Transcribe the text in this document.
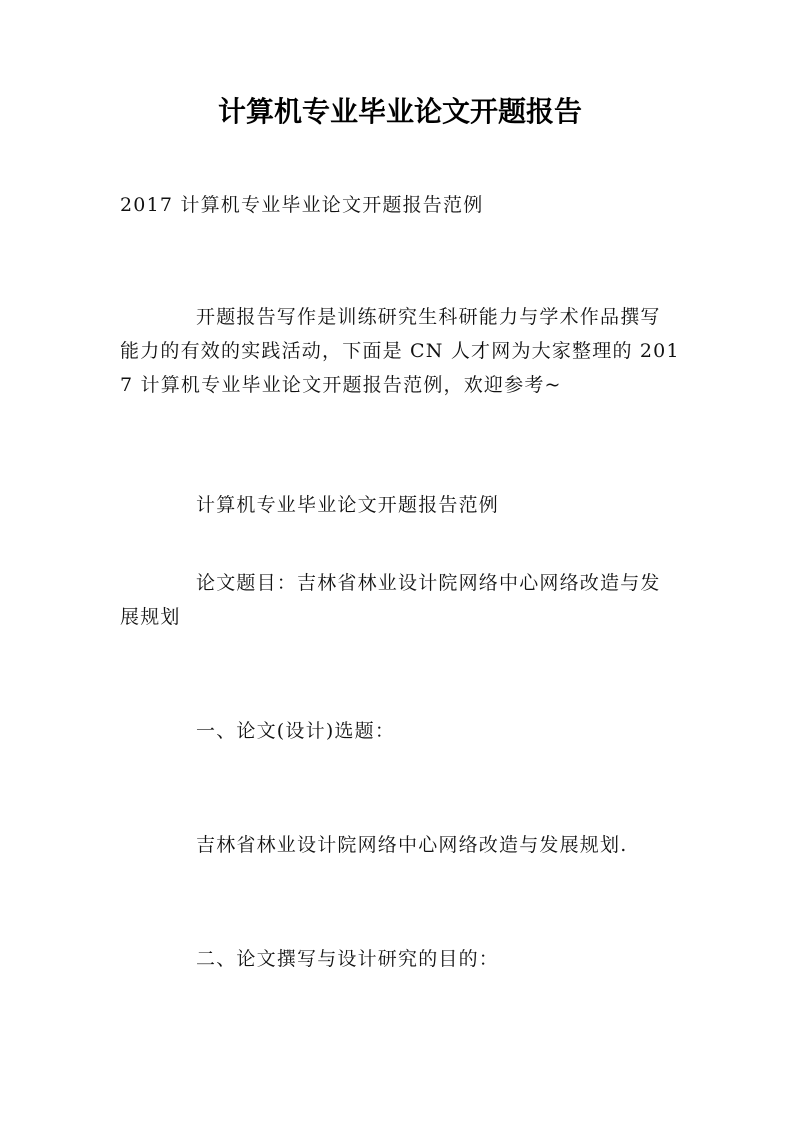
计算机专业毕业论文开题报告

2017 计算机专业毕业论文开题报告范例

开题报告写作是训练研究生科研能力与学术作品撰写能力的有效的实践活动，下面是 CN 人才网为大家整理的 2017 计算机专业毕业论文开题报告范例，欢迎参考~

计算机专业毕业论文开题报告范例

论文题目：吉林省林业设计院网络中心网络改造与发展规划

一、论文(设计)选题：

吉林省林业设计院网络中心网络改造与发展规划.

二、论文撰写与设计研究的目的：
